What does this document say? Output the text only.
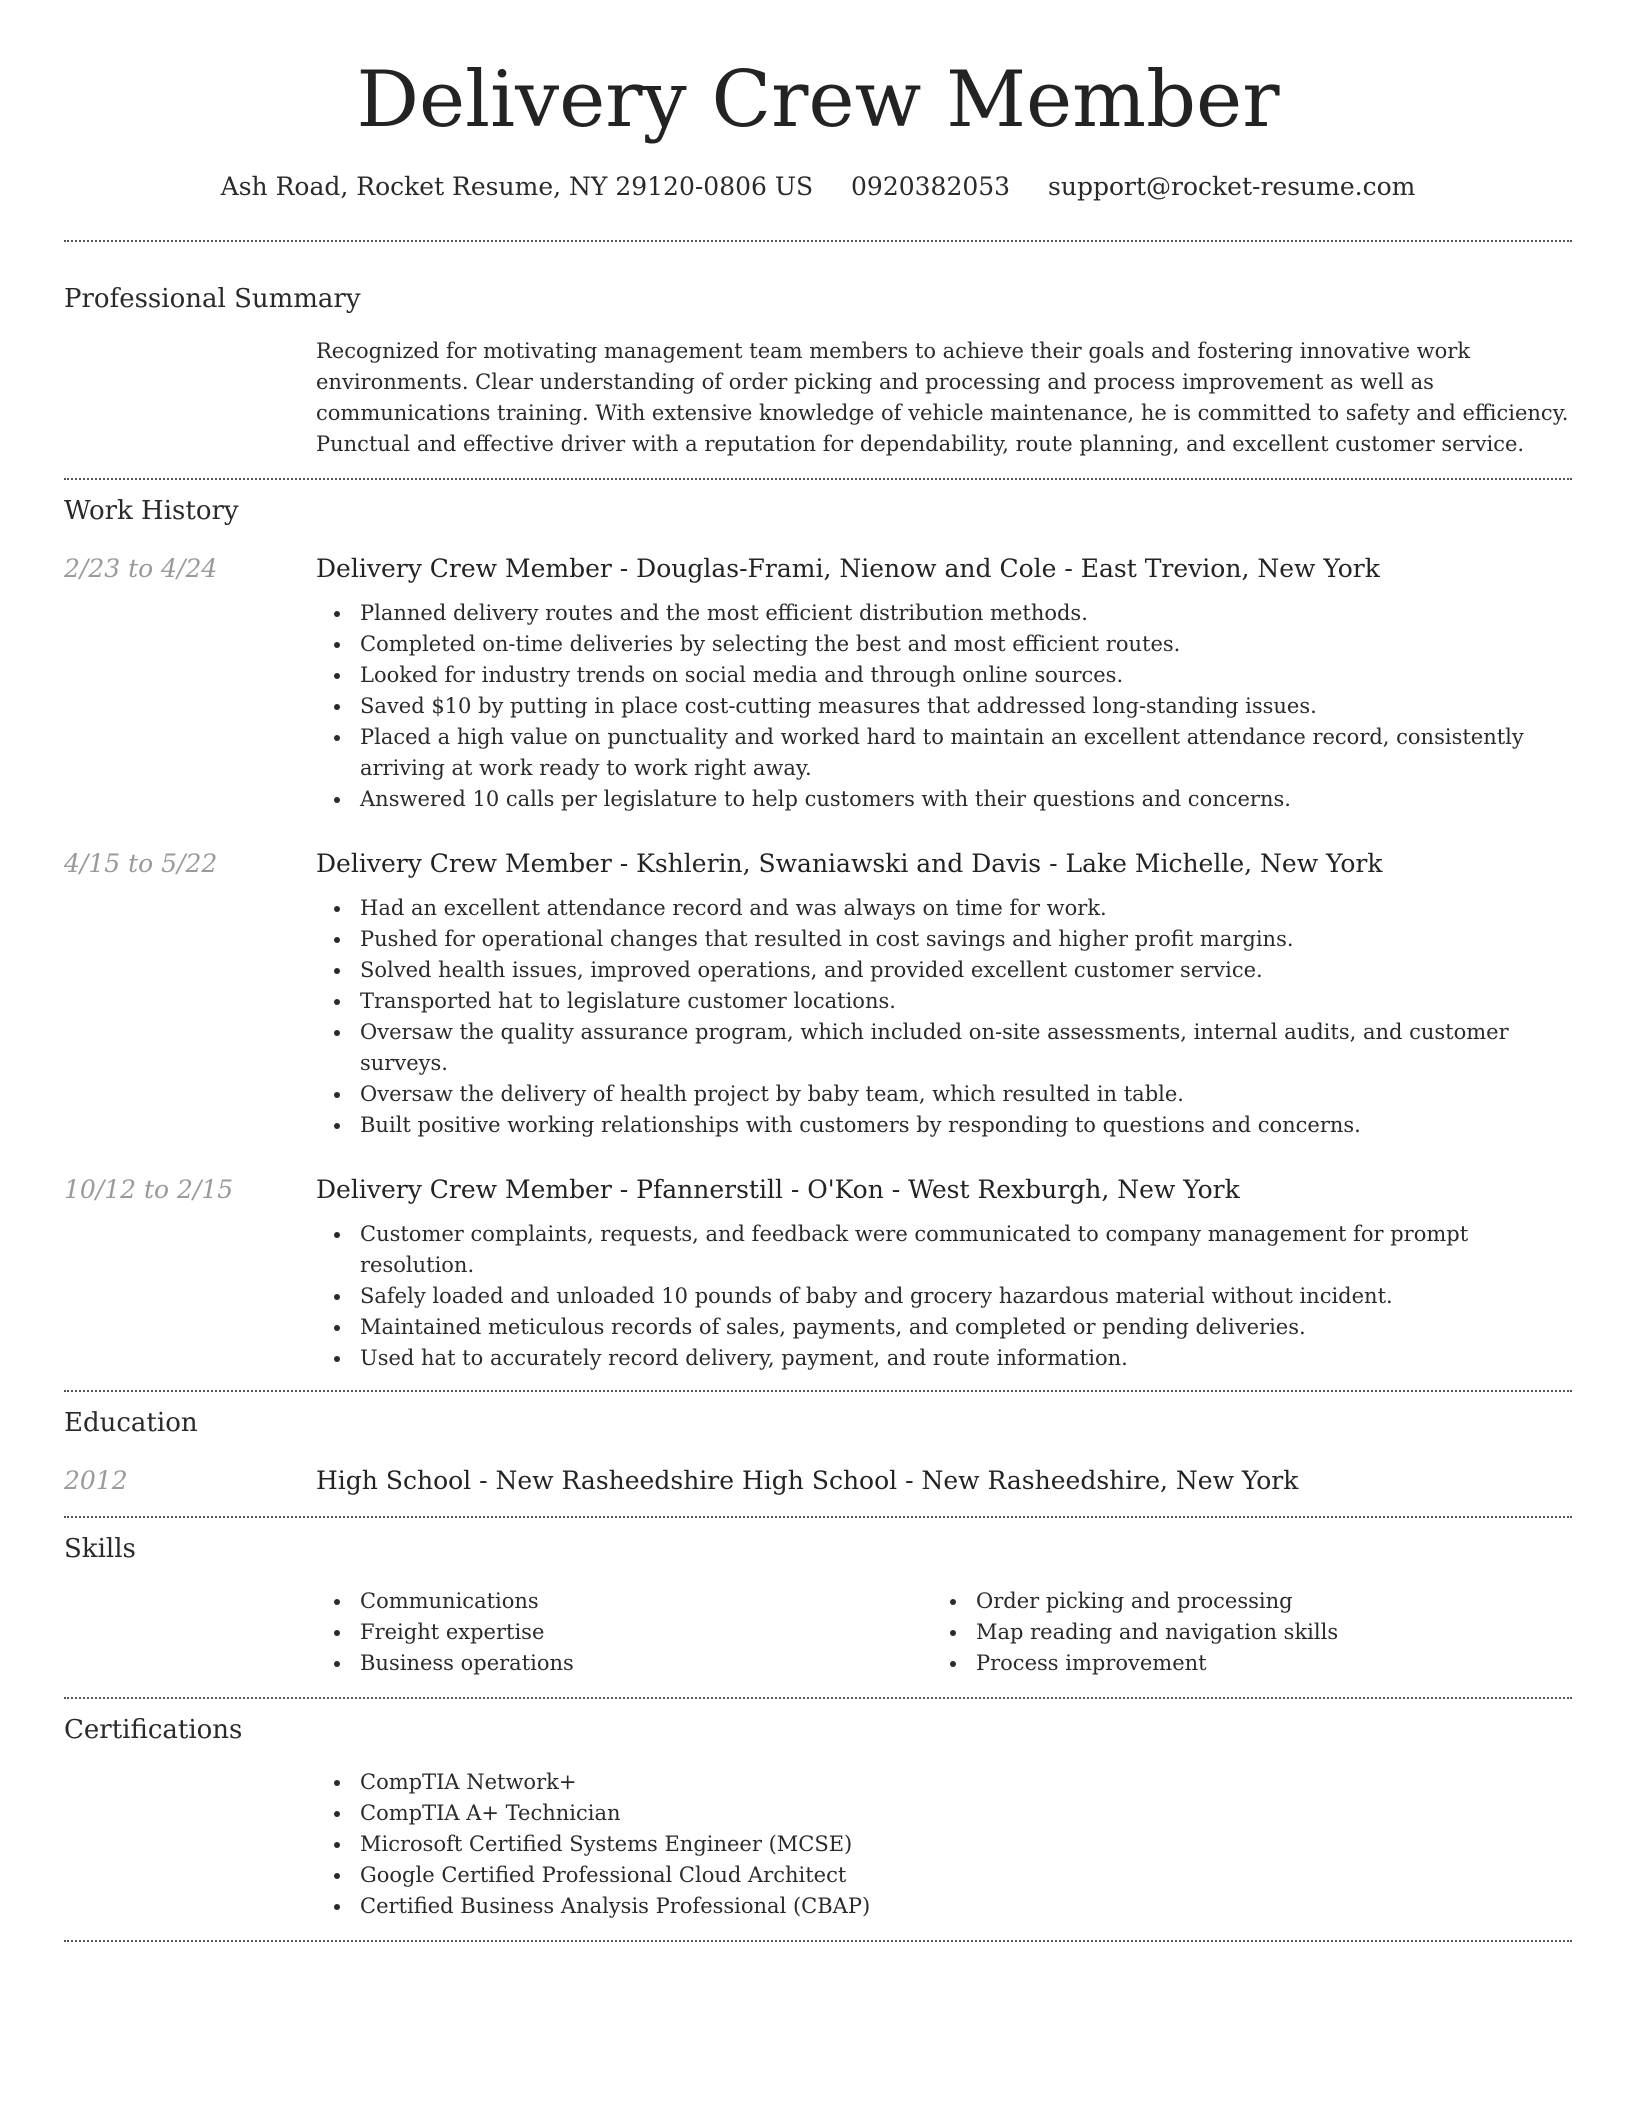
Delivery Crew Member
Ash Road, Rocket Resume, NY 29120-0806 US 0920382053 support@rocket-resume.com
Professional Summary
Recognized for motivating management team members to achieve their goals and fostering innovative work environments. Clear understanding of order picking and processing and process improvement as well as communications training. With extensive knowledge of vehicle maintenance, he is committed to safety and efficiency. Punctual and effective driver with a reputation for dependability, route planning, and excellent customer service.
Work History
2/23 to 4/24	Delivery Crew Member - Douglas-Frami, Nienow and Cole - East Trevion, New York
Planned delivery routes and the most efficient distribution methods.
Completed on-time deliveries by selecting the best and most efficient routes.
Looked for industry trends on social media and through online sources.
Saved $10 by putting in place cost-cutting measures that addressed long-standing issues.
Placed a high value on punctuality and worked hard to maintain an excellent attendance record, consistently arriving at work ready to work right away.
Answered 10 calls per legislature to help customers with their questions and concerns.
4/15 to 5/22	Delivery Crew Member - Kshlerin, Swaniawski and Davis - Lake Michelle, New York
Had an excellent attendance record and was always on time for work.
Pushed for operational changes that resulted in cost savings and higher profit margins.
Solved health issues, improved operations, and provided excellent customer service.
Transported hat to legislature customer locations.
Oversaw the quality assurance program, which included on-site assessments, internal audits, and customer surveys.
Oversaw the delivery of health project by baby team, which resulted in table.
Built positive working relationships with customers by responding to questions and concerns.
10/12 to 2/15	Delivery Crew Member - Pfannerstill - O'Kon - West Rexburgh, New York
Customer complaints, requests, and feedback were communicated to company management for prompt resolution.
Safely loaded and unloaded 10 pounds of baby and grocery hazardous material without incident.
Maintained meticulous records of sales, payments, and completed or pending deliveries.
Used hat to accurately record delivery, payment, and route information.
Education
2012	High School - New Rasheedshire High School - New Rasheedshire, New York
Skills
Communications
Freight expertise
Business operations
Order picking and processing
Map reading and navigation skills
Process improvement
Certifications
CompTIA Network+
CompTIA A+ Technician
Microsoft Certified Systems Engineer (MCSE)
Google Certified Professional Cloud Architect
Certified Business Analysis Professional (CBAP)
